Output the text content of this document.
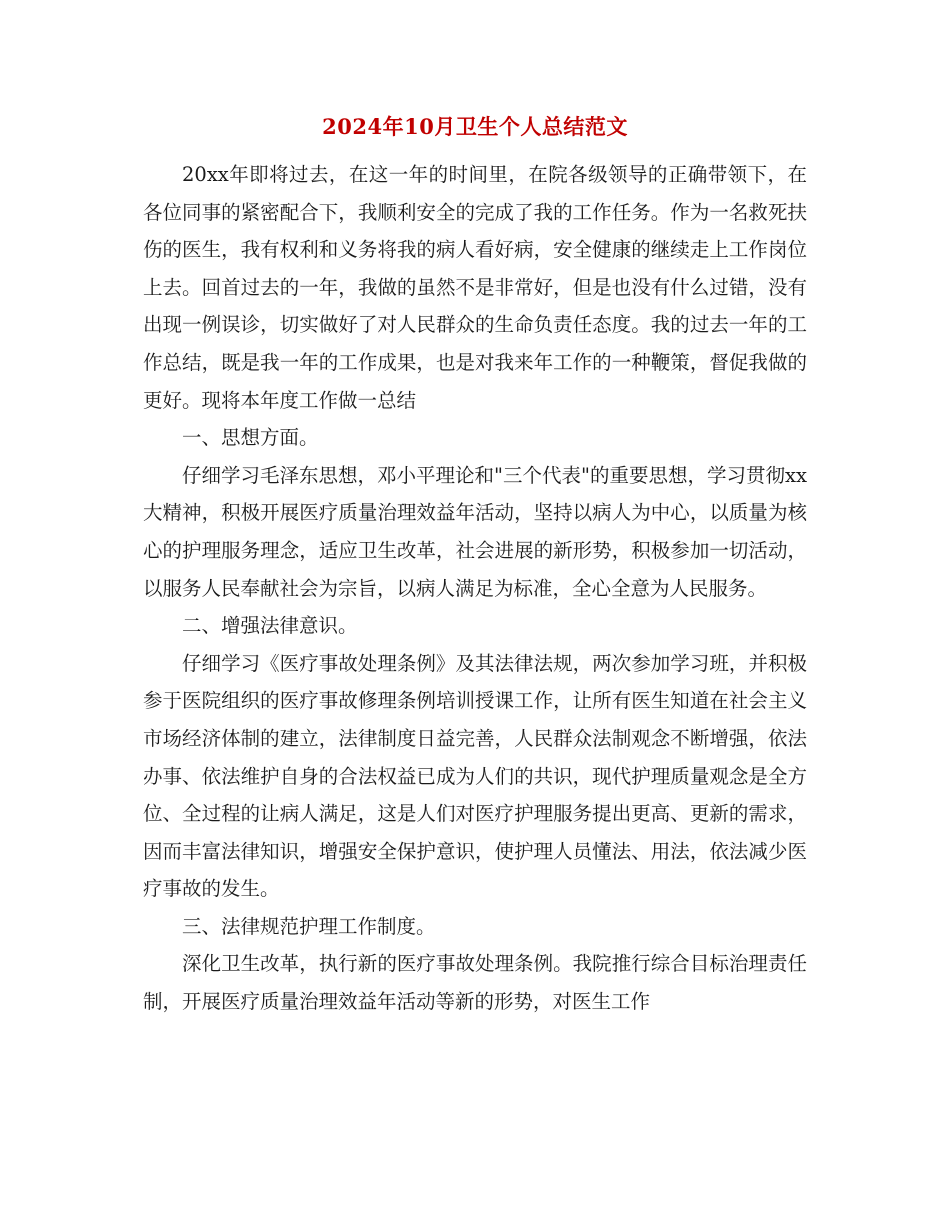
2024年10月卫生个人总结范文

20xx年即将过去，在这一年的时间里，在院各级领导的正确带领下，在各位同事的紧密配合下，我顺利安全的完成了我的工作任务。作为一名救死扶伤的医生，我有权利和义务将我的病人看好病，安全健康的继续走上工作岗位上去。回首过去的一年，我做的虽然不是非常好，但是也没有什么过错，没有出现一例误诊，切实做好了对人民群众的生命负责任态度。我的过去一年的工作总结，既是我一年的工作成果，也是对我来年工作的一种鞭策，督促我做的更好。现将本年度工作做一总结

一、思想方面。

仔细学习毛泽东思想，邓小平理论和"三个代表"的重要思想，学习贯彻xx大精神，积极开展医疗质量治理效益年活动，坚持以病人为中心，以质量为核心的护理服务理念，适应卫生改革，社会进展的新形势，积极参加一切活动，以服务人民奉献社会为宗旨，以病人满足为标准，全心全意为人民服务。

二、增强法律意识。

仔细学习《医疗事故处理条例》及其法律法规，两次参加学习班，并积极参于医院组织的医疗事故修理条例培训授课工作，让所有医生知道在社会主义市场经济体制的建立，法律制度日益完善，人民群众法制观念不断增强，依法办事、依法维护自身的合法权益已成为人们的共识，现代护理质量观念是全方位、全过程的让病人满足，这是人们对医疗护理服务提出更高、更新的需求，因而丰富法律知识，增强安全保护意识，使护理人员懂法、用法，依法减少医疗事故的发生。

三、法律规范护理工作制度。

深化卫生改革，执行新的医疗事故处理条例。我院推行综合目标治理责任制，开展医疗质量治理效益年活动等新的形势，对医生工作
